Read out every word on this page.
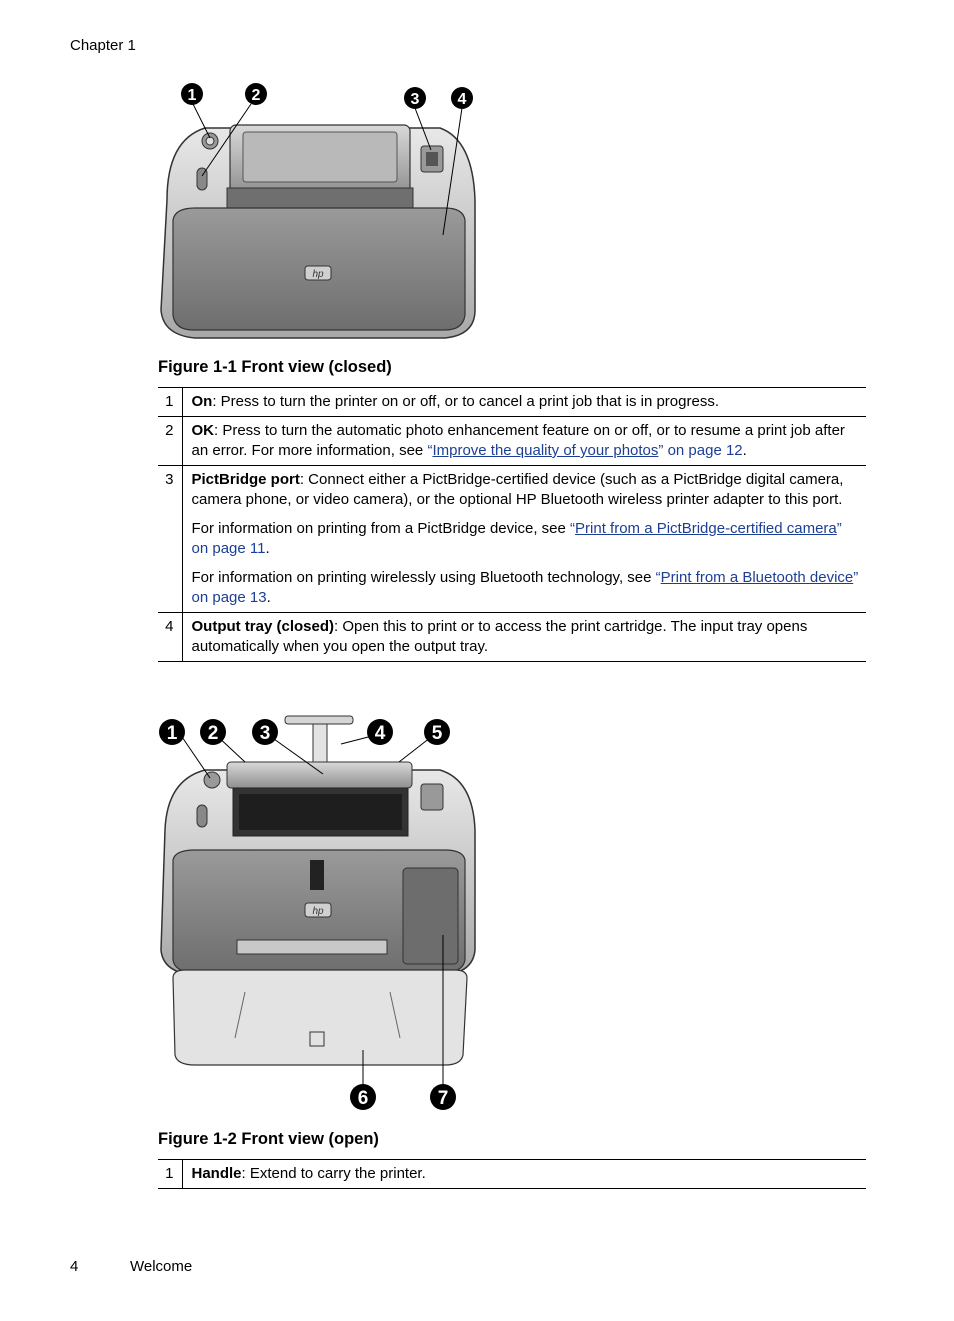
Chapter 1
hp
1	2	3 4
Figure 1-1 Front view (closed)
1	On: Press to turn the printer on or off, or to cancel a print job that is in progress.
2	OK: Press to turn the automatic photo enhancement feature on or off, or to resume a print job after an error. For more information, see “Improve the quality of your photos” on page 12.
3	PictBridge port: Connect either a PictBridge-certified device (such as a PictBridge digital camera, camera phone, or video camera), or the optional HP Bluetooth wireless printer adapter to this port.

For information on printing from a PictBridge device, see “Print from a PictBridge-certified camera” on page 11.

For information on printing wirelessly using Bluetooth technology, see “Print from a Bluetooth device” on page 13.

4	Output tray (closed): Open this to print or to access the print cartridge. The input tray opens automatically when you open the output tray.
hp
1 2 3	4 5
6	7
Figure 1-2 Front view (open)
1	Handle: Extend to carry the printer.
4	Welcome
